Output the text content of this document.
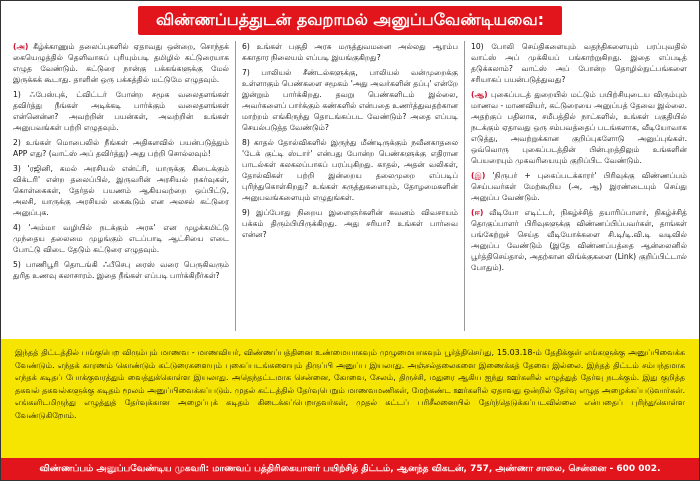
விண்ணப்பத்துடன் தவறாமல் அனுப்பவேண்டியவை:

(அ) கீழ்க்காணும் தலைப்புகளில் ஏதாவது ஒன்றை, சொந்தக் கையெழுத்தில் தெளிவாகப் புரியும்படி தமிழில் கட்டுரையாக எழுத வேண்டும். கட்டுரை நான்கு பக்கங்களுக்கு மேல் இருக்கக் கூடாது. தாளின் ஒரு பக்கத்தில் மட்டுமே எழுதவும்.

1) ஃபேஸ்புக், ட்விட்டர் போன்ற சமூக வலைதளங்கள் தவிர்த்து நீங்கள் அடிக்கடி பார்க்கும் வலைதளங்கள் என்னென்ன? அவற்றின் பயன்கள், அவற்றின் உங்கள் அனுபவங்கள் பற்றி எழுதவும்.

2) உங்கள் மொபைலில் நீங்கள் அதிகளவில் பயன்படுத்தும் APP எது? (வாட்ஸ் அப் தவிர்த்து) அது பற்றி சொல்லவும்!

3) 'ரஜினி, கமல் அரசியல் என்ட்ரி, யாருக்கு கிடைக்கும் விக்டரி' என்ற தலைப்பில், இருவரின் அரசியல் நகர்வுகள், கொள்கைகள், தேர்தல் பயணம் ஆகியவற்றை ஒப்பிட்டு, அலசி, யாருக்கு அரசியல் கைகூடும் என அலசல் கட்டுரை அனுப்புக.

4) 'அம்மா வழியில் நடக்கும் அரசு' என முழக்கமிட்டு முந்தைய தலைமை முழங்கும் எடப்பாடி ஆட்சியை எடை போட்டு விடை தேடும் கட்டுரை எழுதவும்.

5) பாணிபூரி தொடங்கி ஃபீசெபு ரைஸ் வரை பெருகிவரும் துரித உணவு கலாசாரம். இதை நீங்கள் எப்படி பார்க்கிறீர்கள்?

6) உங்கள் பகுதி அரசு மருத்துவமனை அல்லது ஆரம்ப சுகாதார நிலையம் எப்படி இயங்குகிறது?

7) பாலியல் சீண்டல்களுக்கு, பாலியல் வன்முறைக்கு உள்ளாகும் பெண்களை சமூகம் 'அது அவர்களின் தப்பு' என்றே இன்றும் பார்க்கிறது. தவறு பெண்களிடம் இல்லை, அவர்களைப் பார்க்கும் கண்களில் என்பதை உணர்த்துவதற்கான மாற்றம் எங்கிருந்து தொடங்கப்பட வேண்டும்? அதை எப்படி செயல்படுத்த வேண்டும்?

8) காதல் தோல்விகளில் இருந்து மீண்டிருக்கும் நவீனகாதலை 'டேக் குட்டி ஸ்டார்' என்பது போன்ற பெண்களுக்கு எதிரான பாடல்கள் கலகலப்பாகப் பரப்புகிறது. காதல், அதன் வலிகள், தோல்விகள் பற்றி இன்றைய தலைமுறை எப்படிப் புரிந்துகொள்கிறது? உங்கள் கருத்துகளையும், தோழமைகளின் அனுபவங்களையும் எழுதுங்கள்.

9) இப்போது நிறைய இளைஞர்களின் கவனம் விவசாயம் பக்கம் திரும்பியிருக்கிறது. அது சரியா? உங்கள் பார்வை என்ன?

10) போலி செய்திகளையும் வதந்திகளையும் பரப்புவதில் வாட்ஸ் அப் முக்கியப் பங்காற்றுகிறது. இதை எப்படித் தடுக்கலாம்? வாட்ஸ் அப் போன்ற தொழில்நுட்பங்களை சரியாகப் பயன்படுத்துவது?

(ஆ) புகைப்படத் துறையில் மட்டும் பயிற்சியுடைய விரும்பும் மாணவ - மாணவியர், கட்டுரையை அனுப்பத் தேவை இல்லை. அதற்குப் பதிலாக, சமீபத்தில் நாட்களில், உங்கள் பகுதியில் நடக்கும் ஏதாவது ஒரு சம்பவத்தைப் படங்களாக, வீடியோவாக எடுத்து, அவற்றுக்கான குறிப்புகளோடு அனுப்புங்கள். ஒவ்வொரு புகைப்படத்தின் பின்புறத்திலும் உங்களின் பெயரையும் முகவரியையும் குறிப்பிட வேண்டும்.

(இ) 'நிருபர் + புகைப்படக்காரர்' பிரிவுக்கு விண்ணப்பம் செய்பவர்கள் மேற்கூறிய (அ, ஆ) இரண்டையும் செய்து அனுப்ப வேண்டும்.

(ஈ) வீடியோ எடிட்டர், நிகழ்ச்சித் தயாரிப்பாளர், நிகழ்ச்சித் தொகுப்பாளர் பிரிவுகளுக்கு விண்ணப்பிப்பவர்கள், தாங்கள் பங்கேற்றுச் செய்த வீடியோக்களை சி.டி/டி.வி.டி வடிவில் அனுப்ப வேண்டும் (இதே விண்ணப்பத்தை ஆன்லைனில் பூர்த்திசெய்தால், அதற்கான லிங்க்குகளை (Link) குறிப்பிட்டால் போதும்).

இந்தத் திட்டத்தில் பங்குபெற விரும்பும் மாணவ - மாணவியர், விண்ணப்பத்தினை உண்மையாகவும் முழுமையாகவும் பூர்த்திசெய்து, 15.03.18-ம் தேதிக்குள் எங்களுக்கு அனுப்பிவைக்க வேண்டும். எந்தக் காரணம் கொண்டும் கட்டுரைகளையும் புகைப்படங்களையும் திருப்பி அனுப்ப இயலாது. அஞ்சல்தலைகளை இணைக்கத் தேவை இல்லை. இந்தத் திட்டம் சம்பந்தமாக எந்தக் கடிதப் போக்குவரத்தும் வைத்துக்கொள்ள இயலாது. அதெந்தட்டமாக சென்னை, கோவை, சேலம், திருச்சி, மதுரை ஆகிய ஐந்து ஊர்களில் எழுத்துத் தேர்வு நடக்கும். இது குறித்த தகவல் தகவல்களுக்கு கடிதம் மூலம் அனுப்பிவைக்கப்படும். முதல் கட்டத்தில் தேர்வுபெறும் மாணவமணிகள், மேற்கண்ட ஊர்களில் ஏதாவது ஒன்றில் தேர்வு எழுத அழைக்கப்படுவார்கள். எங்களிடமிருந்து எழுத்துத் தேர்வுக்கான அழைப்புக் கடிதம் கிடைக்கப்பெறாதவர்கள், முதல் கட்டப் பரிசீலனையில் தேர்ந்தெடுக்கப்படவில்லை என்பதைப் புரிந்துகொள்ள வேண்டுகிறோம்.
விண்ணப்பம் அனுப்பவேண்டிய முகவரி: மாணவப் பத்திரிகையாளர் பயிற்சித் திட்டம், ஆனந்த விகடன், 757, அண்ணா சாலை, சென்னை - 600 002.
